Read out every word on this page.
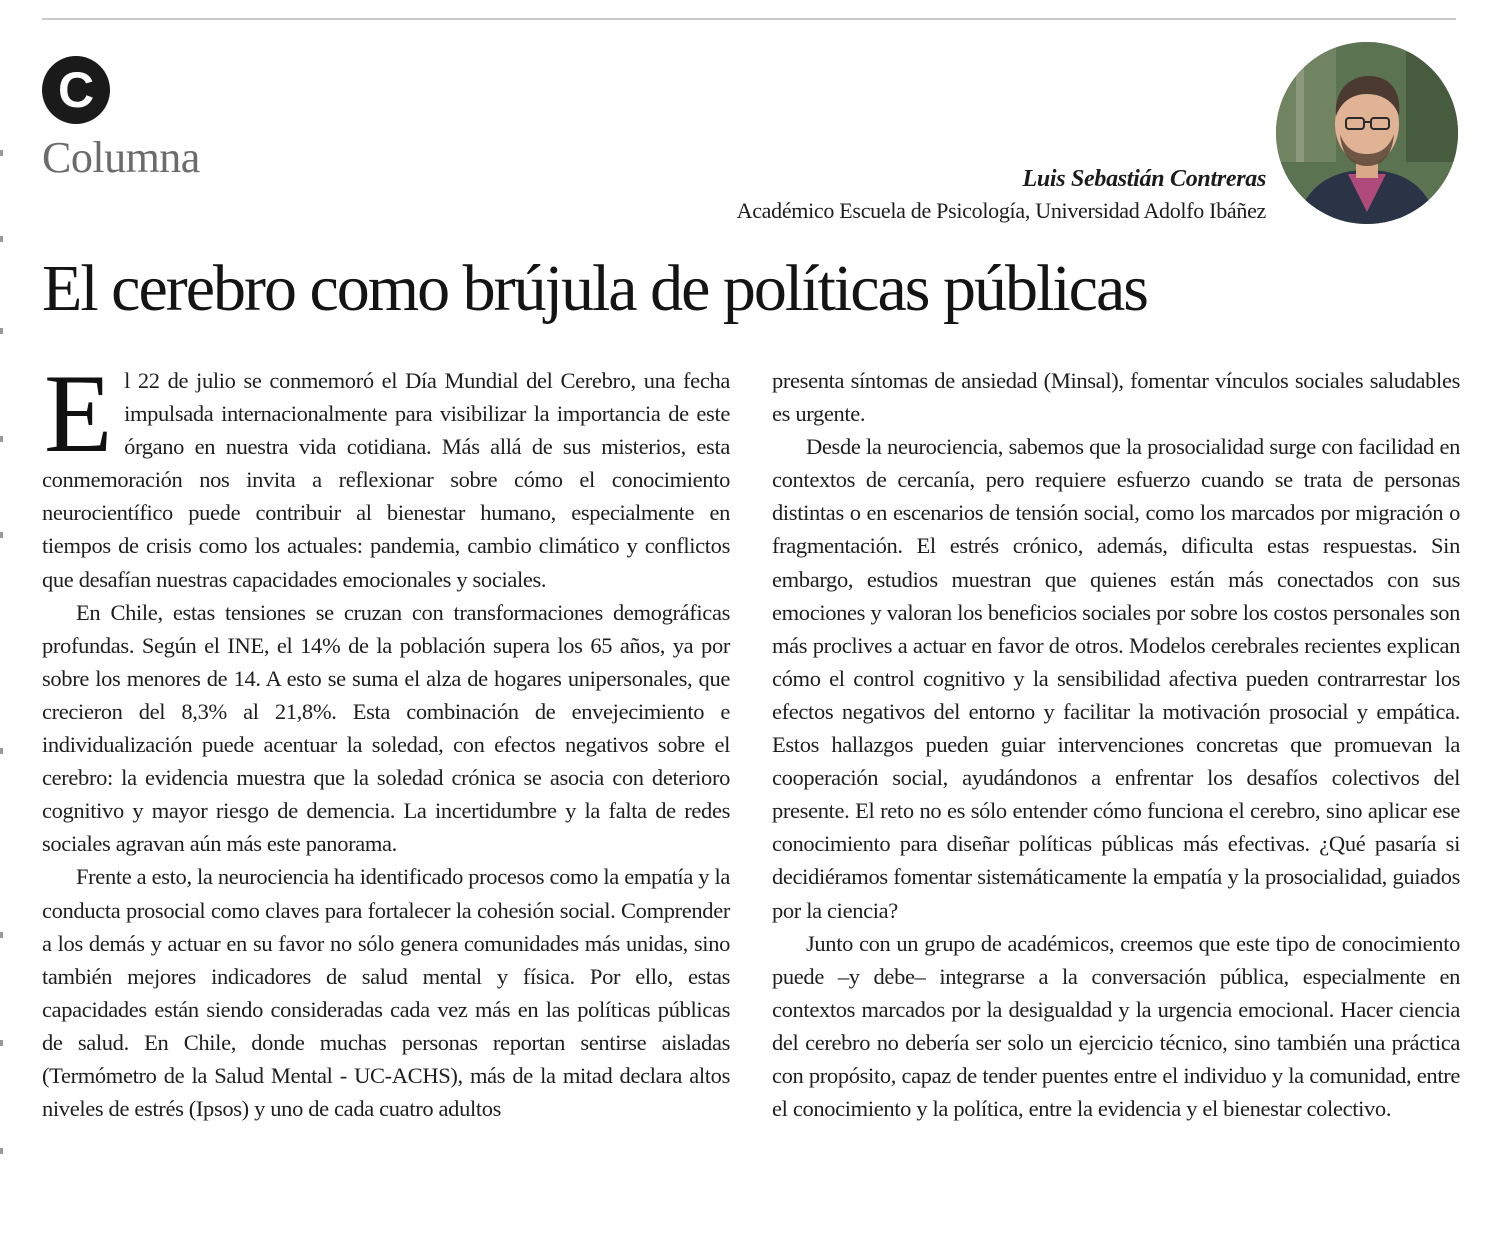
C
Columna	Luis Sebastián Contreras
Académico Escuela de Psicología, Universidad Adolfo Ibáñez
El cerebro como brújula de políticas públicas

El 22 de julio se conmemoró el Día Mundial del Cerebro, una fecha impulsada internacionalmente para visibilizar la importancia de este órgano en nuestra vida cotidiana. Más allá de sus misterios, esta conmemoración nos invita a reflexionar sobre cómo el conocimiento neurocientífico puede contribuir al bienestar humano, especialmente en tiempos de crisis como los actuales: pandemia, cambio climático y conflictos que desafían nuestras capacidades emocionales y sociales.

En Chile, estas tensiones se cruzan con transformaciones demográficas profundas. Según el INE, el 14% de la población supera los 65 años, ya por sobre los menores de 14. A esto se suma el alza de hogares unipersonales, que crecieron del 8,3% al 21,8%. Esta combinación de envejecimiento e individualización puede acentuar la soledad, con efectos negativos sobre el cerebro: la evidencia muestra que la soledad crónica se asocia con deterioro cognitivo y mayor riesgo de demencia. La incertidumbre y la falta de redes sociales agravan aún más este panorama.

Frente a esto, la neurociencia ha identificado procesos como la empatía y la conducta prosocial como claves para fortalecer la cohesión social. Comprender a los demás y actuar en su favor no sólo genera comunidades más unidas, sino también mejores indicadores de salud mental y física. Por ello, estas capacidades están siendo consideradas cada vez más en las políticas públicas de salud. En Chile, donde muchas personas reportan sentirse aisladas (Termómetro de la Salud Mental - UC-ACHS), más de la mitad declara altos niveles de estrés (Ipsos) y uno de cada cuatro adultos

presenta síntomas de ansiedad (Minsal), fomentar vínculos sociales saludables es urgente.

Desde la neurociencia, sabemos que la prosocialidad surge con facilidad en contextos de cercanía, pero requiere esfuerzo cuando se trata de personas distintas o en escenarios de tensión social, como los marcados por migración o fragmentación. El estrés crónico, además, dificulta estas respuestas. Sin embargo, estudios muestran que quienes están más conectados con sus emociones y valoran los beneficios sociales por sobre los costos personales son más proclives a actuar en favor de otros. Modelos cerebrales recientes explican cómo el control cognitivo y la sensibilidad afectiva pueden contrarrestar los efectos negativos del entorno y facilitar la motivación prosocial y empática. Estos hallazgos pueden guiar intervenciones concretas que promuevan la cooperación social, ayudándonos a enfrentar los desafíos colectivos del presente. El reto no es sólo entender cómo funciona el cerebro, sino aplicar ese conocimiento para diseñar políticas públicas más efectivas. ¿Qué pasaría si decidiéramos fomentar sistemáticamente la empatía y la prosocialidad, guiados por la ciencia?

Junto con un grupo de académicos, creemos que este tipo de conocimiento puede –y debe– integrarse a la conversación pública, especialmente en contextos marcados por la desigualdad y la urgencia emocional. Hacer ciencia del cerebro no debería ser solo un ejercicio técnico, sino también una práctica con propósito, capaz de tender puentes entre el individuo y la comunidad, entre el conocimiento y la política, entre la evidencia y el bienestar colectivo.
